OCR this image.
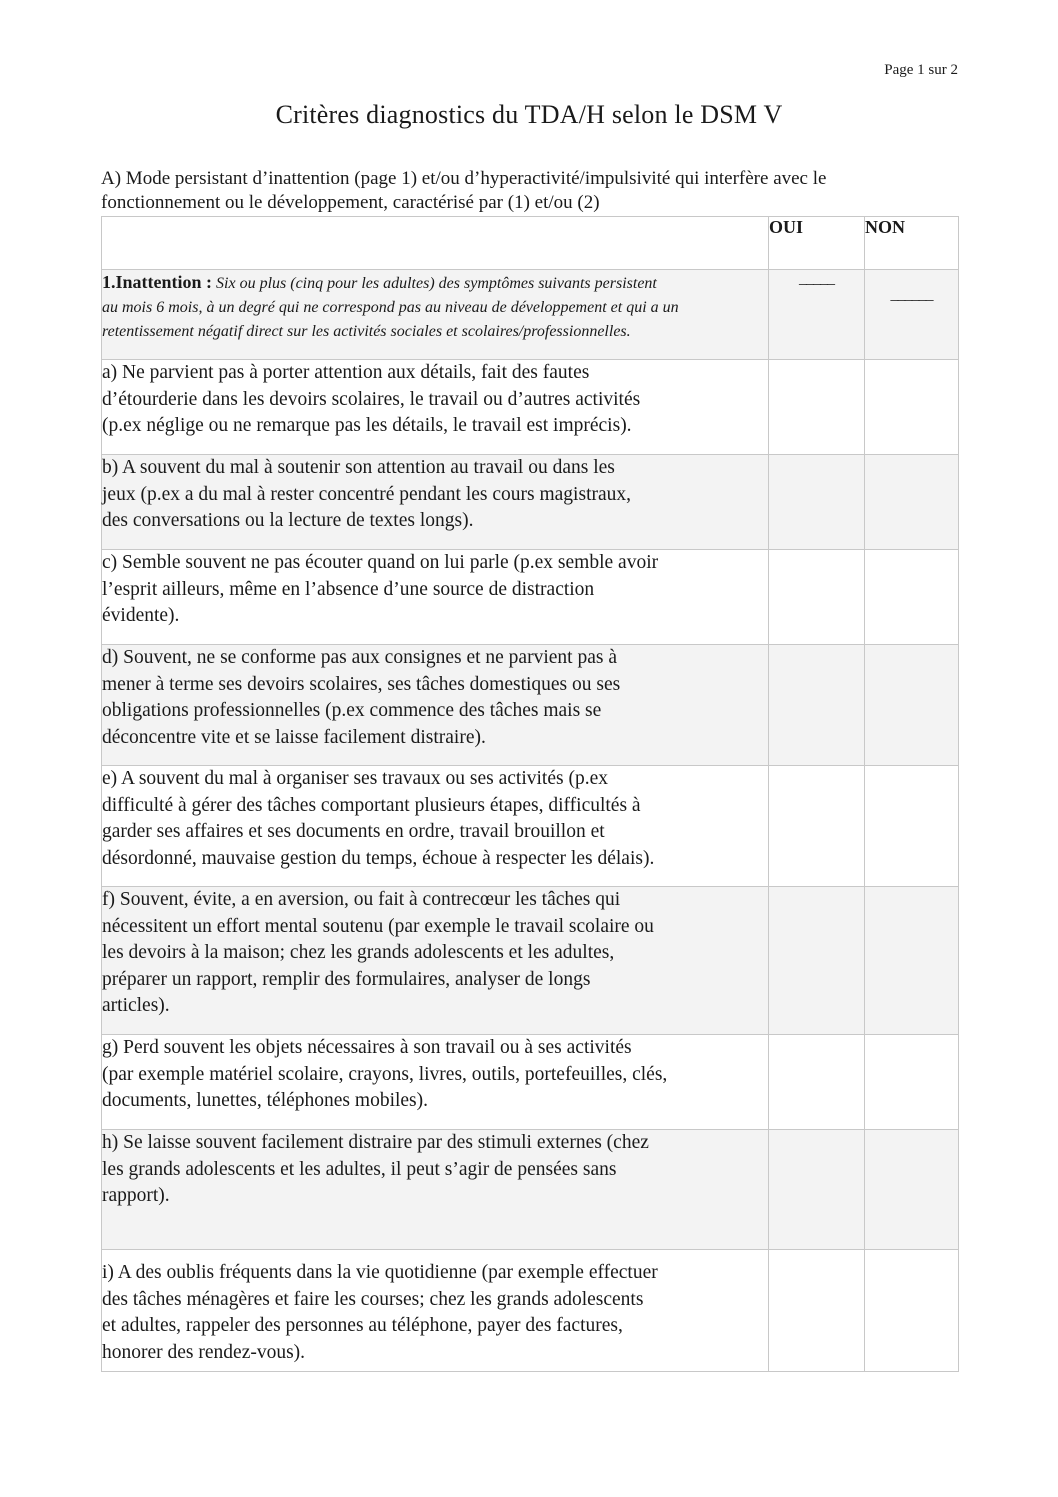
Page 1 sur 2
Critères diagnostics du TDA/H selon le DSM V
A) Mode persistant d’inattention (page 1) et/ou d’hyperactivité/impulsivité qui interfère avec le
fonctionnement ou le développement, caractérisé par (1) et/ou (2)
	OUI	NON

1.Inattention : Six ou plus (cinq pour les adultes) des symptômes suivants persistent
au mois 6 mois, à un degré qui ne correspond pas au niveau de développement et qui a un
retentissement négatif direct sur les activités sociales et scolaires/professionnelles.	_____	______

a) Ne parvient pas à porter attention aux détails, fait des fautes
d’étourderie dans les devoirs scolaires, le travail ou d’autres activités
(p.ex néglige ou ne remarque pas les détails, le travail est imprécis).		

b) A souvent du mal à soutenir son attention au travail ou dans les
jeux (p.ex a du mal à rester concentré pendant les cours magistraux,
des conversations ou la lecture de textes longs).		

c) Semble souvent ne pas écouter quand on lui parle (p.ex semble avoir
l’esprit ailleurs, même en l’absence d’une source de distraction
évidente).		

d) Souvent, ne se conforme pas aux consignes et ne parvient pas à
mener à terme ses devoirs scolaires, ses tâches domestiques ou ses
obligations professionnelles (p.ex commence des tâches mais se
déconcentre vite et se laisse facilement distraire).		

e) A souvent du mal à organiser ses travaux ou ses activités (p.ex
difficulté à gérer des tâches comportant plusieurs étapes, difficultés à
garder ses affaires et ses documents en ordre, travail brouillon et
désordonné, mauvaise gestion du temps, échoue à respecter les délais).		

f) Souvent, évite, a en aversion, ou fait à contrecœur les tâches qui
nécessitent un effort mental soutenu (par exemple le travail scolaire ou
les devoirs à la maison; chez les grands adolescents et les adultes,
préparer un rapport, remplir des formulaires, analyser de longs
articles).		

g) Perd souvent les objets nécessaires à son travail ou à ses activités
(par exemple matériel scolaire, crayons, livres, outils, portefeuilles, clés,
documents, lunettes, téléphones mobiles).		

h) Se laisse souvent facilement distraire par des stimuli externes (chez
les grands adolescents et les adultes, il peut s’agir de pensées sans
rapport).		

i) A des oublis fréquents dans la vie quotidienne (par exemple effectuer
des tâches ménagères et faire les courses; chez les grands adolescents
et adultes, rappeler des personnes au téléphone, payer des factures,
honorer des rendez-vous).		
